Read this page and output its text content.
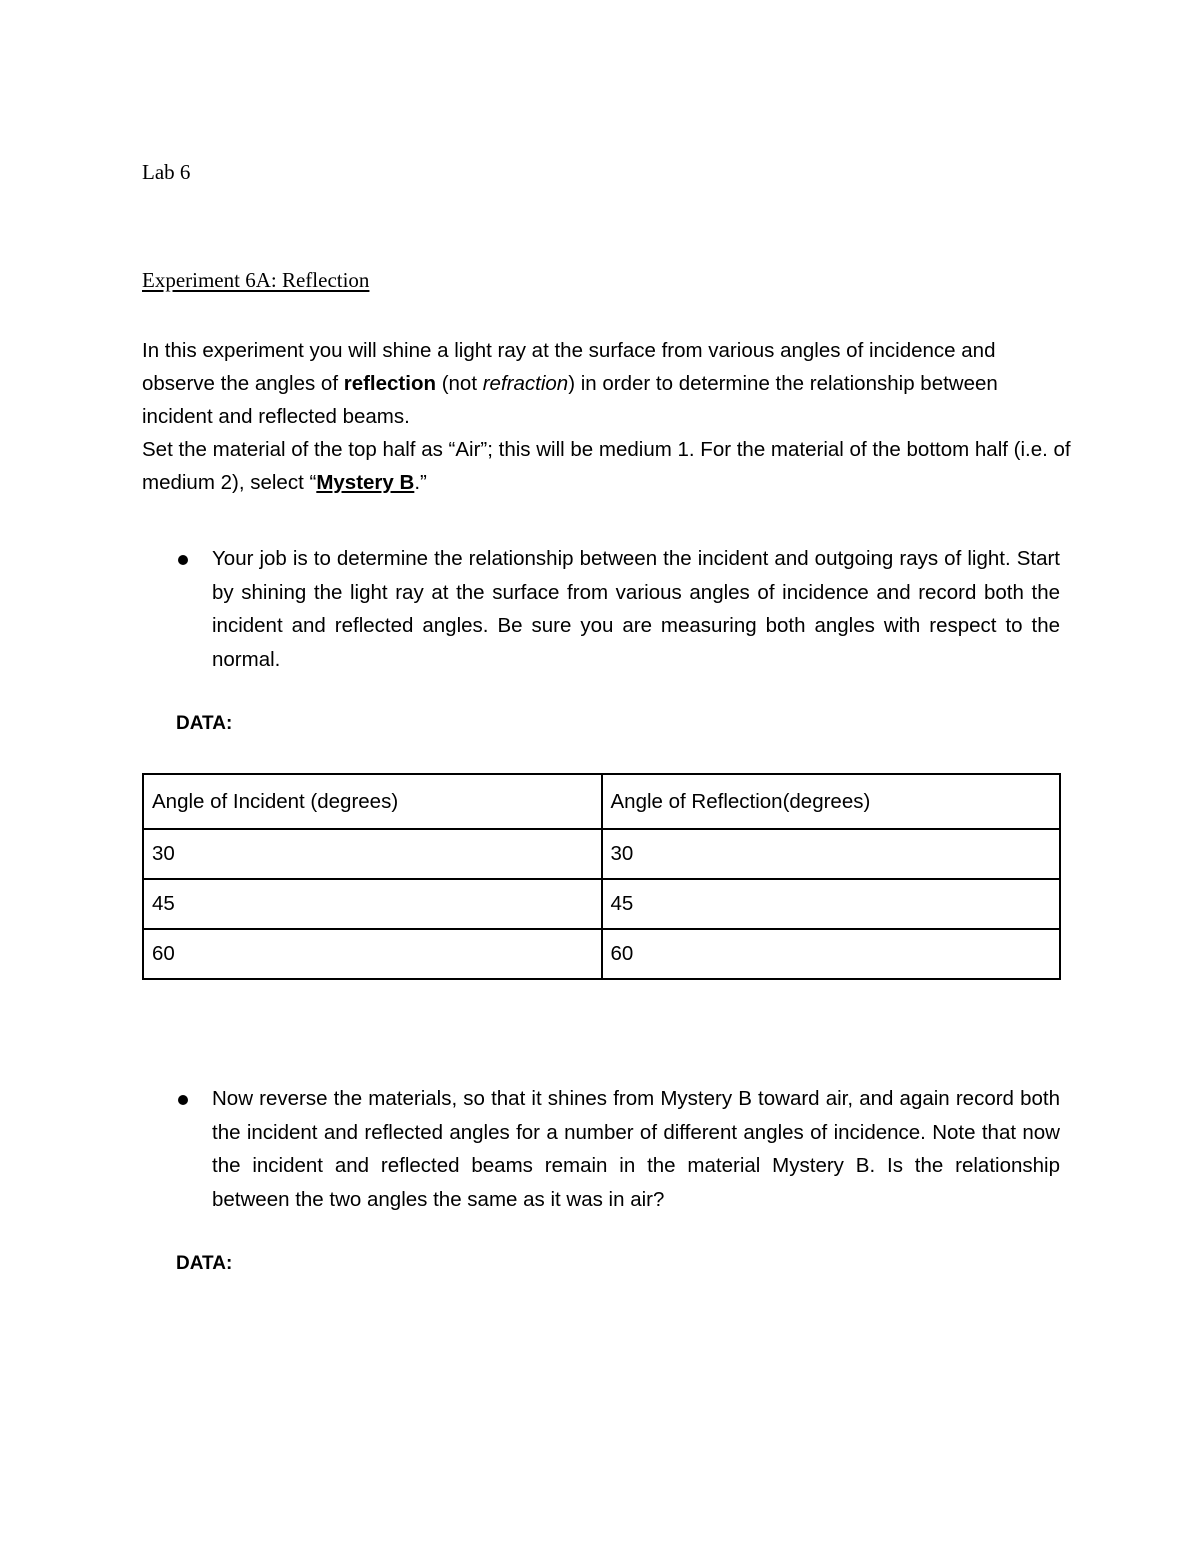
Lab 6
Experiment 6A: Reflection

In this experiment you will shine a light ray at the surface from various angles of incidence and observe the angles of reflection (not refraction) in order to determine the relationship between incident and reflected beams.

Set the material of the top half as “Air”; this will be medium 1. For the material of the bottom half (i.e. of medium 2), select “Mystery B.”

Your job is to determine the relationship between the incident and outgoing rays of light. Start by shining the light ray at the surface from various angles of incidence and record both the incident and reflected angles. Be sure you are measuring both angles with respect to the normal.
DATA:
Angle of Incident (degrees)	Angle of Reflection(degrees)
30	30
45	45
60	60
Now reverse the materials, so that it shines from Mystery B toward air, and again record both the incident and reflected angles for a number of different angles of incidence. Note that now the incident and reflected beams remain in the material Mystery B. Is the relationship between the two angles the same as it was in air?
DATA:
